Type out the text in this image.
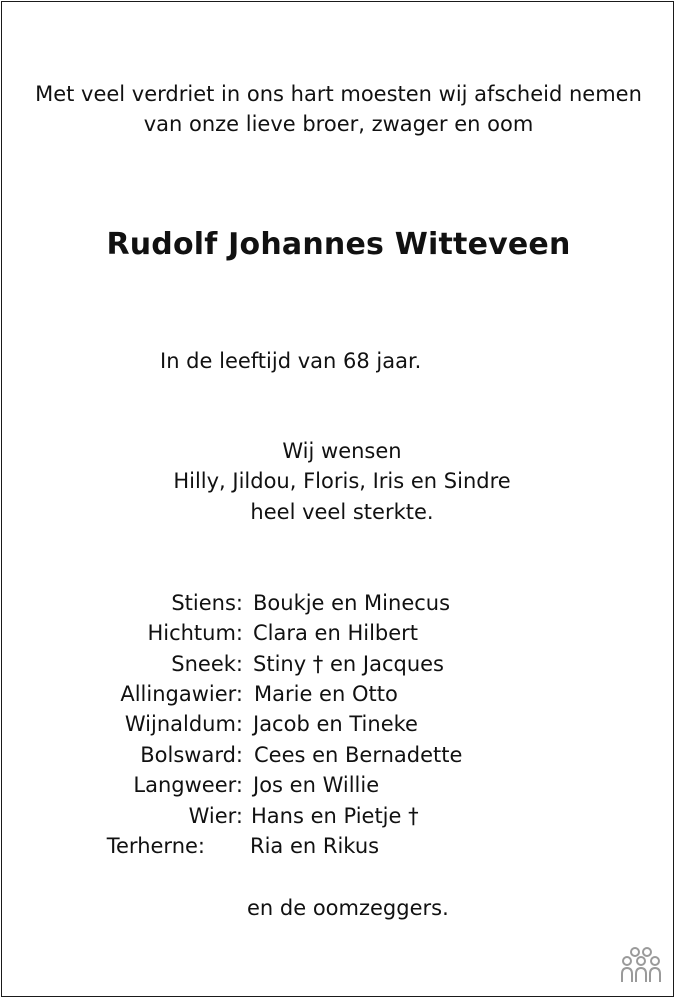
Met veel verdriet in ons hart moesten wij afscheid nemen
van onze lieve broer, zwager en oom
Rudolf Johannes Witteveen
In de leeftijd van 68 jaar.
Wij wensen
Hilly, Jildou, Floris, Iris en Sindre
heel veel sterkte.
Stiens: Boukje en Minecus
Hichtum: Clara en Hilbert
Sneek: Stiny † en Jacques
Allingawier: Marie en Otto
Wijnaldum: Jacob en Tineke
Bolsward: Cees en Bernadette
Langweer: Jos en Willie
Wier: Hans en Pietje †
Terherne: Ria en Rikus
en de oomzeggers.
